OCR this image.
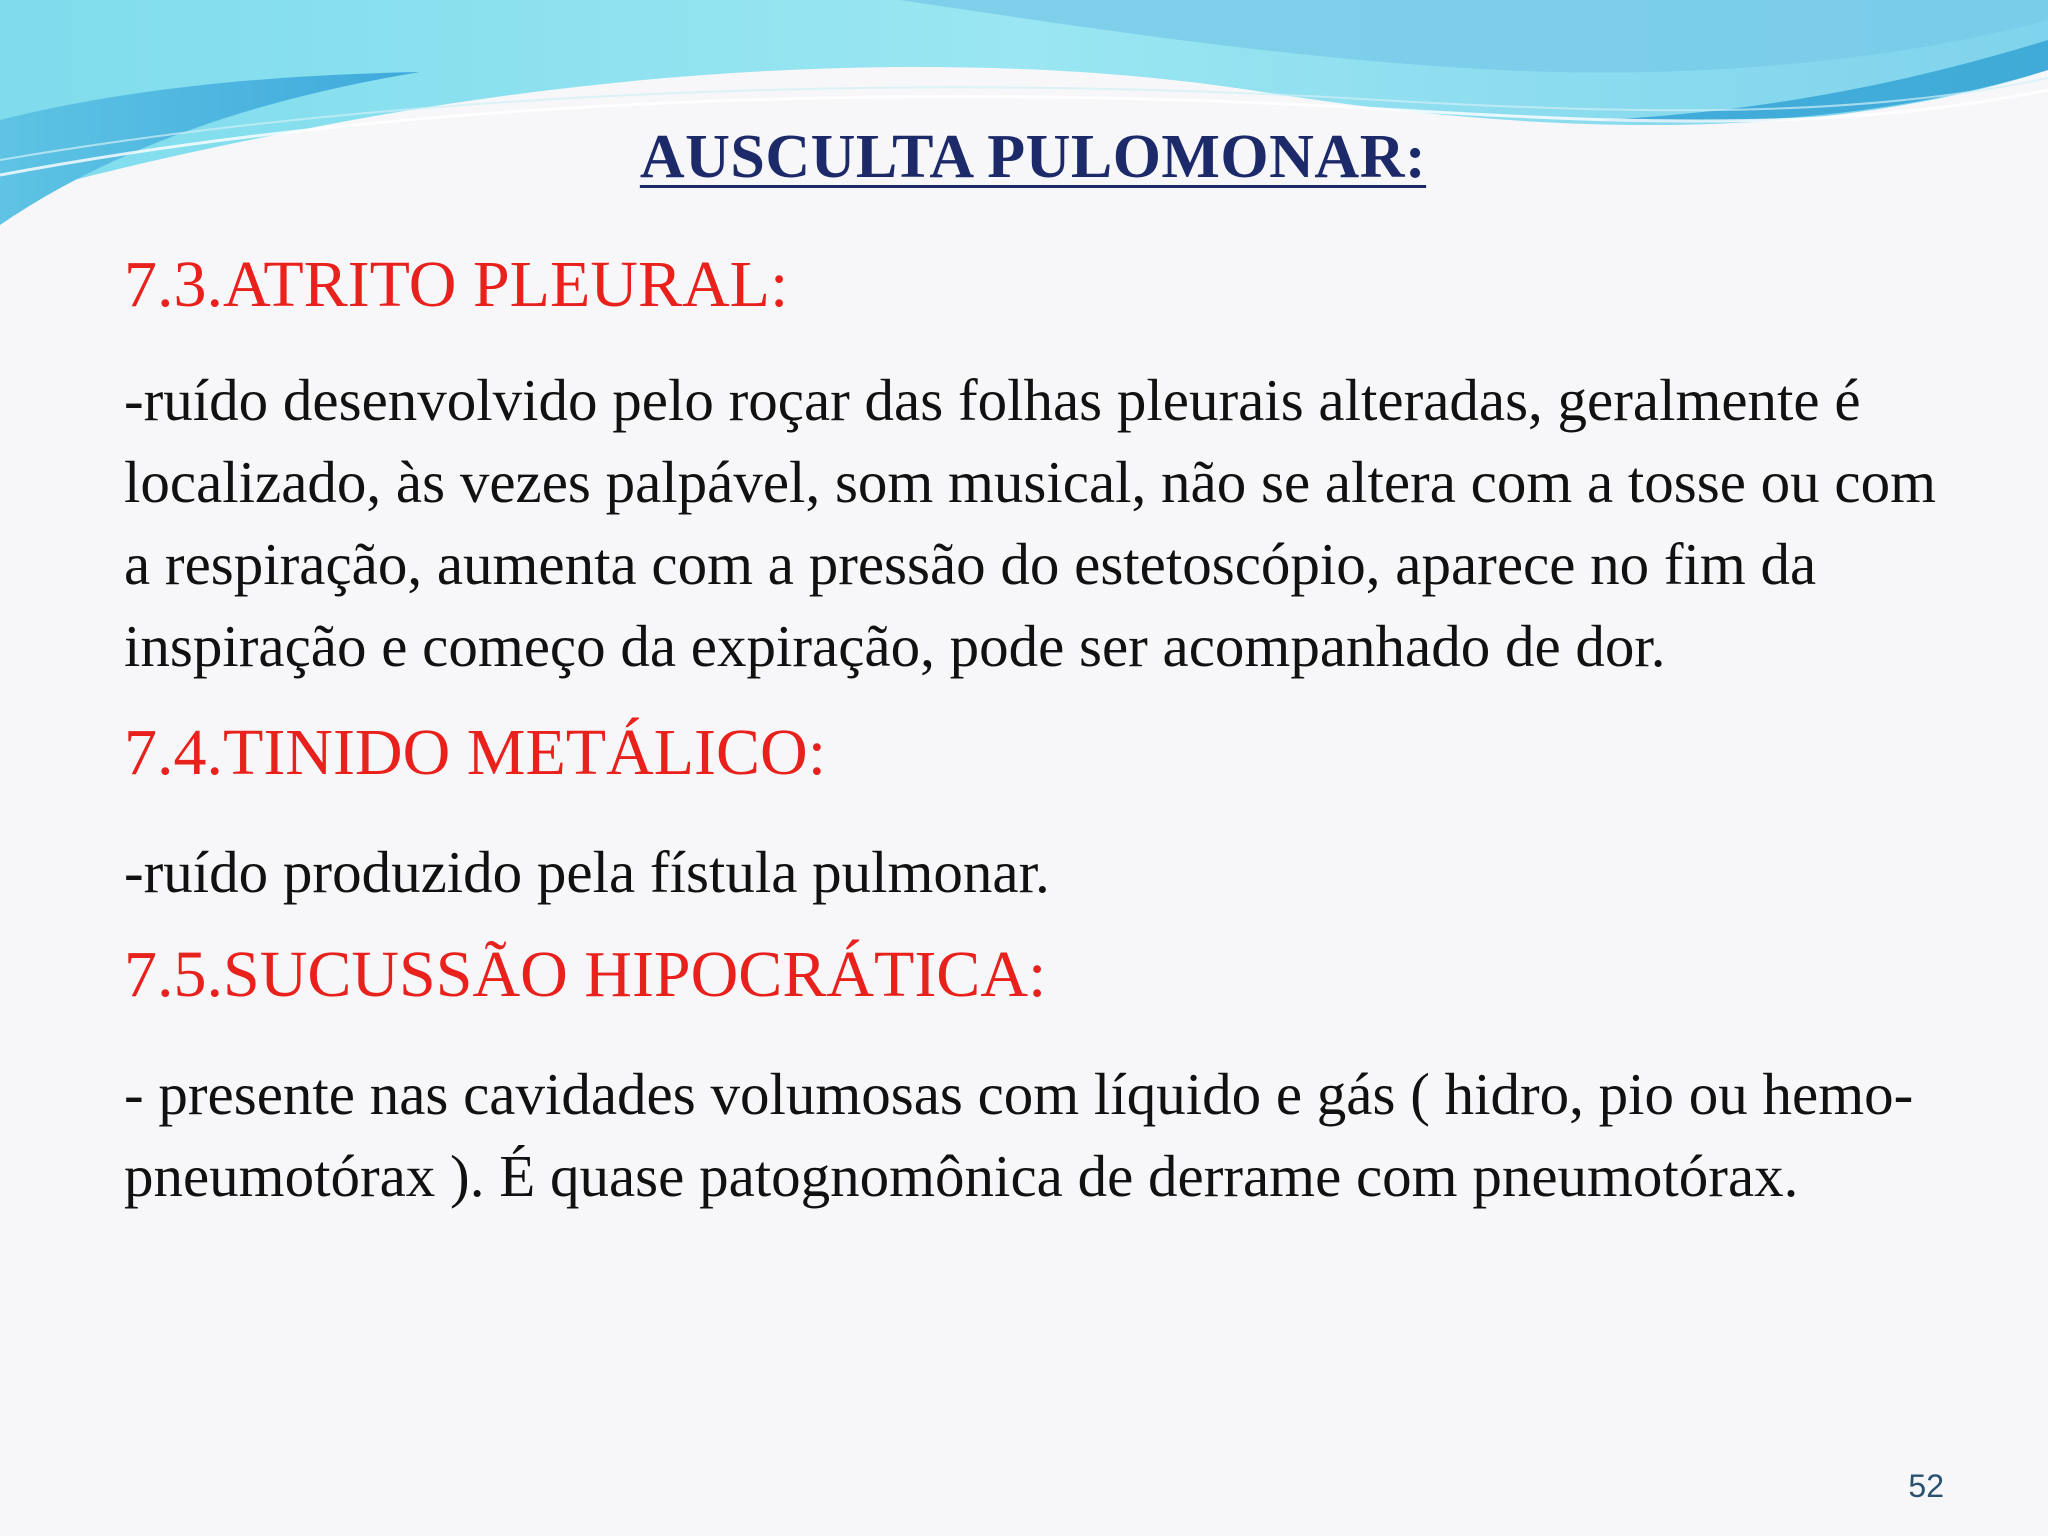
AUSCULTA PULOMONAR:

7.3.ATRITO PLEURAL:

-ruído desenvolvido pelo roçar das folhas pleurais alteradas, geralmente é localizado, às vezes palpável, som musical, não se altera com a tosse ou com a respiração, aumenta com a pressão do estetoscópio, aparece no fim da inspiração e começo da expiração, pode ser acompanhado de dor.

7.4.TINIDO METÁLICO:

-ruído produzido pela fístula pulmonar.

7.5.SUCUSSÃO HIPOCRÁTICA:

- presente nas cavidades volumosas com líquido e gás ( hidro, pio ou hemo-pneumotórax ). É quase patognomônica de derrame com pneumotórax.

52
